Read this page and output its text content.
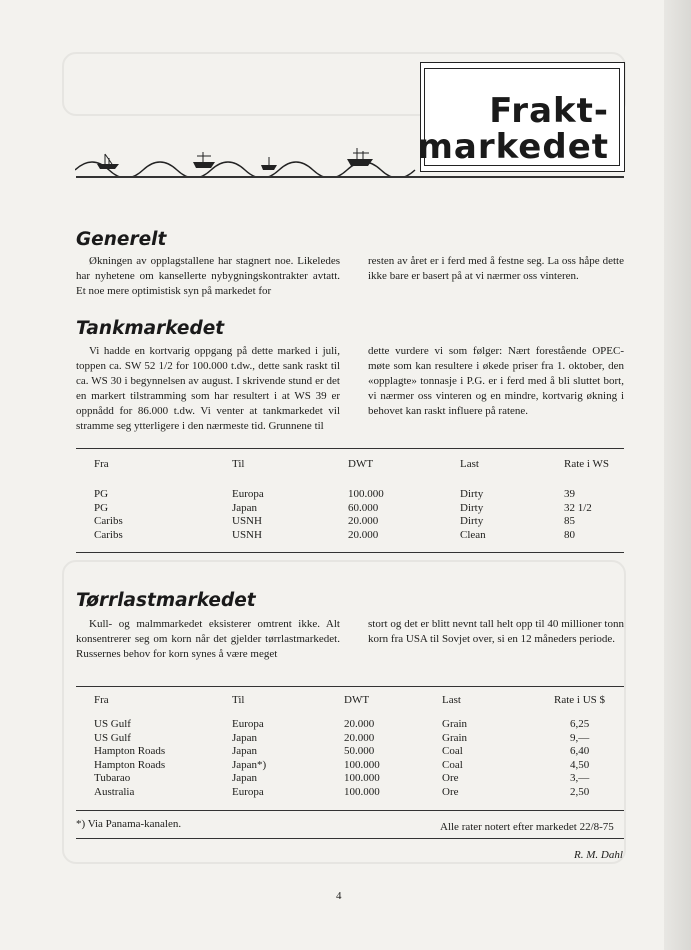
Frakt-
markedet
Generelt

Økningen av opplagstallene har stagnert noe. Likeledes har nyhetene om kansellerte nybygningskontrakter avtatt. Et noe mere optimistisk syn på markedet for

resten av året er i ferd med å festne seg. La oss håpe dette ikke bare er basert på at vi nærmer oss vinteren.

Tankmarkedet

Vi hadde en kortvarig oppgang på dette marked i juli, toppen ca. SW 52 1/2 for 100.000 t.dw., dette sank raskt til ca. WS 30 i begynnelsen av august. I skrivende stund er det en markert tilstramming som har resultert i at WS 39 er oppnådd for 86.000 t.dw. Vi venter at tankmarkedet vil stramme seg ytterligere i den nærmeste tid. Grunnene til

dette vurdere vi som følger: Nært forestående OPEC-møte som kan resultere i økede priser fra 1. oktober, den «opplagte» tonnasje i P.G. er i ferd med å bli sluttet bort, vi nærmer oss vinteren og en mindre, kortvarig økning i behovet kan raskt influere på ratene.

Fra	Til	DWT	Last	Rate i WS

PG	Europa	100.000	Dirty	39
PG	Japan	60.000	Dirty	32 1/2
Caribs	USNH	20.000	Dirty	85
Caribs	USNH	20.000	Clean	80
Tørrlastmarkedet

Kull- og malmmarkedet eksisterer omtrent ikke. Alt konsentrerer seg om korn når det gjelder tørrlastmarkedet. Russernes behov for korn synes å være meget

stort og det er blitt nevnt tall helt opp til 40 millioner tonn korn fra USA til Sovjet over, si en 12 måneders periode.

Fra	Til	DWT	Last	Rate i US $

US Gulf	Europa	20.000	Grain	6,25
US Gulf	Japan	20.000	Grain	9,—
Hampton Roads	Japan	50.000	Coal	6,40
Hampton Roads	Japan*)	100.000	Coal	4,50
Tubarao	Japan	100.000	Ore	3,—
Australia	Europa	100.000	Ore	2,50
*) Via Panama-kanalen.	Alle rater notert efter markedet 22/8-75
R. M. Dahl
4
